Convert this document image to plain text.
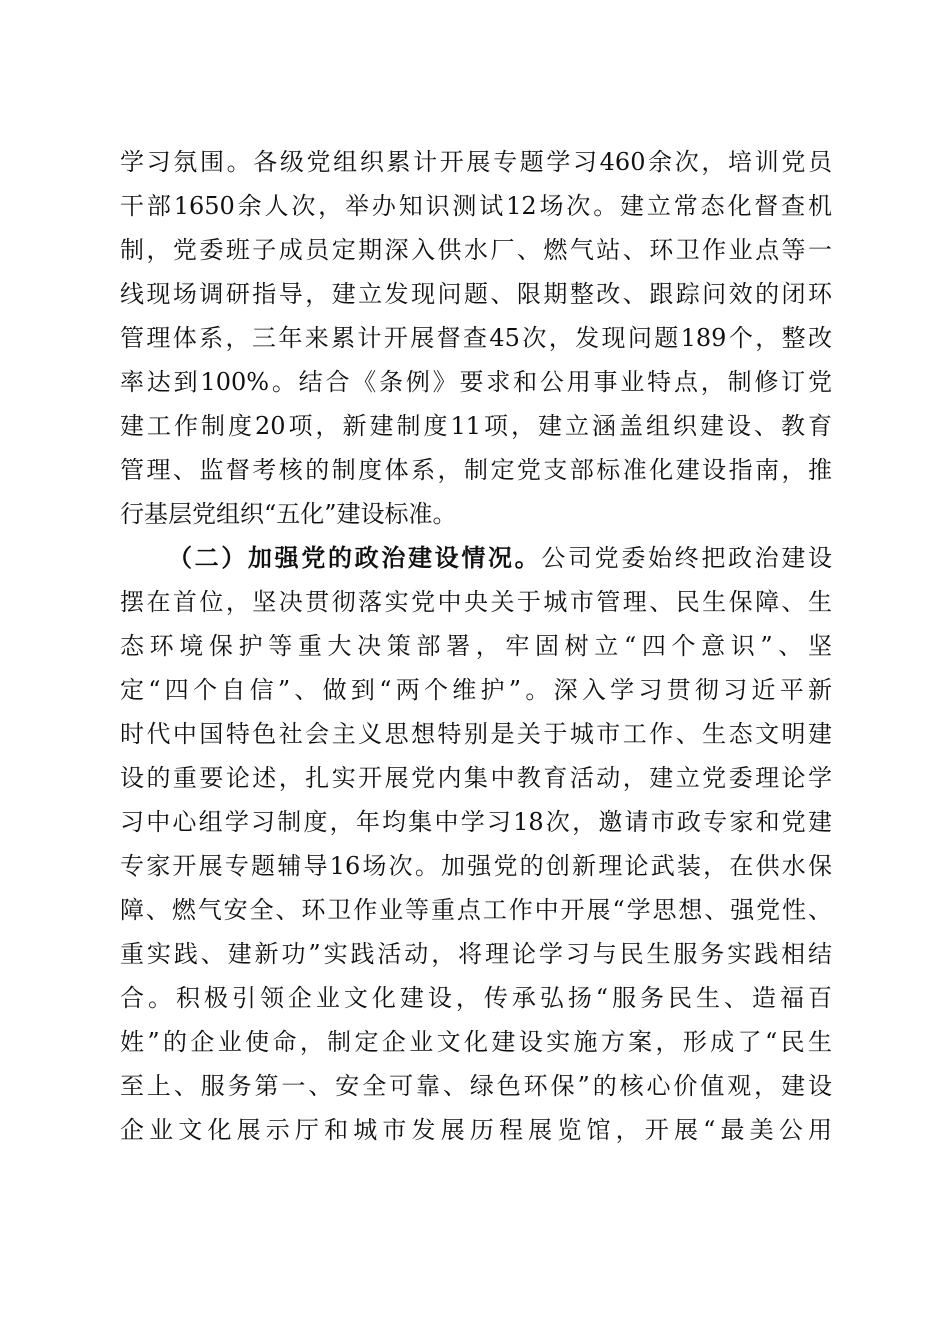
学习氛围。各级党组织累计开展专题学习460余次，培训党员
干部1650余人次，举办知识测试12场次。建立常态化督查机
制，党委班子成员定期深入供水厂、燃气站、环卫作业点等一
线现场调研指导，建立发现问题、限期整改、跟踪问效的闭环
管理体系，三年来累计开展督查45次，发现问题189个，整改
率达到100%。结合《条例》要求和公用事业特点，制修订党
建工作制度20项，新建制度11项，建立涵盖组织建设、教育
管理、监督考核的制度体系，制定党支部标准化建设指南，推
行基层党组织“五化”建设标准。
（二）加强党的政治建设情况。公司党委始终把政治建设
摆在首位，坚决贯彻落实党中央关于城市管理、民生保障、生
态环境保护等重大决策部署，牢固树立“四个意识”、坚
定“四个自信”、做到“两个维护”。深入学习贯彻习近平新
时代中国特色社会主义思想特别是关于城市工作、生态文明建
设的重要论述，扎实开展党内集中教育活动，建立党委理论学
习中心组学习制度，年均集中学习18次，邀请市政专家和党建
专家开展专题辅导16场次。加强党的创新理论武装，在供水保
障、燃气安全、环卫作业等重点工作中开展“学思想、强党性、
重实践、建新功”实践活动，将理论学习与民生服务实践相结
合。积极引领企业文化建设，传承弘扬“服务民生、造福百
姓”的企业使命，制定企业文化建设实施方案，形成了“民生
至上、服务第一、安全可靠、绿色环保”的核心价值观，建设
企业文化展示厅和城市发展历程展览馆，开展“最美公用
